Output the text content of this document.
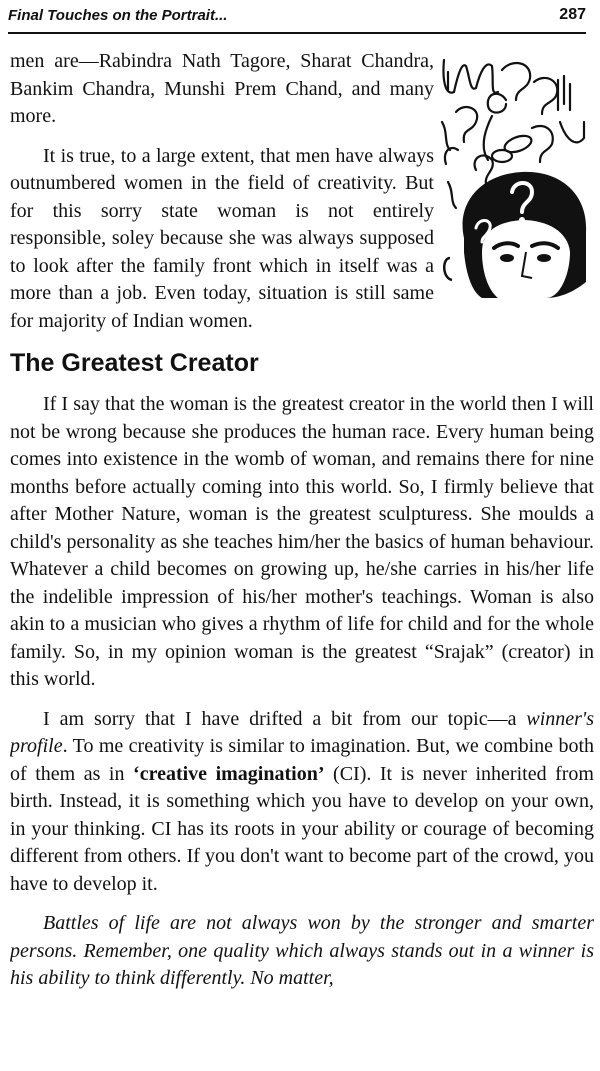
Final Touches on the Portrait...	287

men are—Rabindra Nath Tagore, Sharat Chandra, Bankim Chandra, Munshi Prem Chand, and many more.

It is true, to a large extent, that men have always outnumbered women in the field of creativity. But for this sorry state woman is not entirely responsible, soley because she was always supposed to look after the family front which in itself was a more than a job. Even today, situation is still same for majority of Indian women.

The Greatest Creator

If I say that the woman is the greatest creator in the world then I will not be wrong because she produces the human race. Every human being comes into existence in the womb of woman, and remains there for nine months before actually coming into this world. So, I firmly believe that after Mother Nature, woman is the greatest sculpturess. She moulds a child's personality as she teaches him/her the basics of human behaviour. Whatever a child becomes on growing up, he/she carries in his/her life the indelible impression of his/her mother's teachings. Woman is also akin to a musician who gives a rhythm of life for child and for the whole family. So, in my opinion woman is the greatest “Srajak” (creator) in this world.

I am sorry that I have drifted a bit from our topic—a winner's profile. To me creativity is similar to imagination. But, we combine both of them as in ‘creative imagination’ (CI). It is never inherited from birth. Instead, it is something which you have to develop on your own, in your thinking. CI has its roots in your ability or courage of becoming different from others. If you don't want to become part of the crowd, you have to develop it.

Battles of life are not always won by the stronger and smarter persons. Remember, one quality which always stands out in a winner is his ability to think differently. No matter,
